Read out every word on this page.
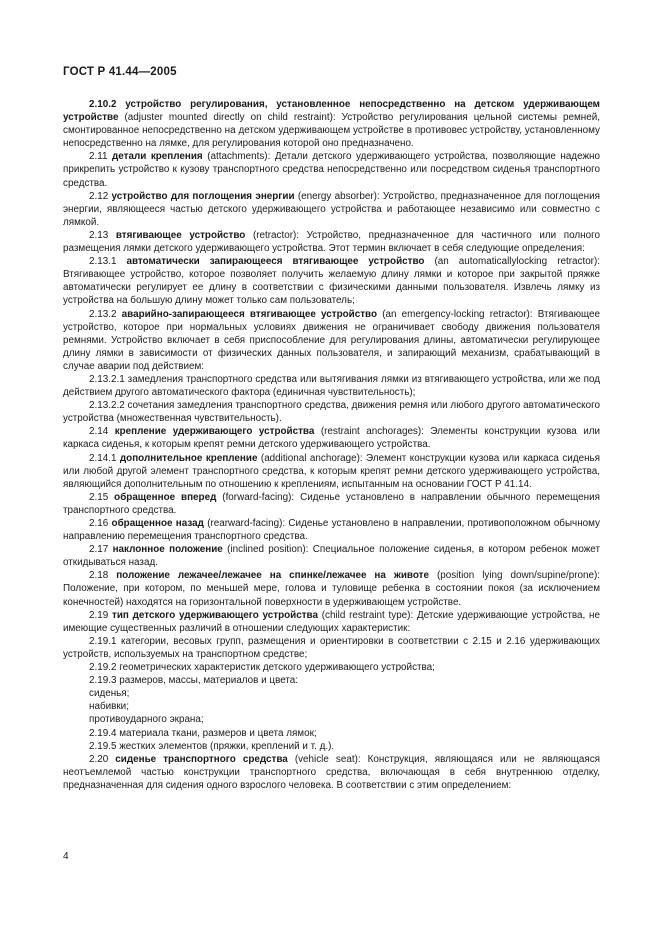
ГОСТ Р 41.44—2005
2.10.2 устройство регулирования, установленное непосредственно на детском удерживающем устройстве (adjuster mounted directly on child restraint): Устройство регулирования цельной системы ремней, смонтированное непосредственно на детском удерживающем устройстве в противовес устройству, установленному непосредственно на лямке, для регулирования которой оно предназначено.
2.11 детали крепления (attachments): Детали детского удерживающего устройства, позволяющие надежно прикрепить устройство к кузову транспортного средства непосредственно или посредством сиденья транспортного средства.
2.12 устройство для поглощения энергии (energy absorber): Устройство, предназначенное для поглощения энергии, являющееся частью детского удерживающего устройства и работающее независимо или совместно с лямкой.
2.13 втягивающее устройство (retractor): Устройство, предназначенное для частичного или полного размещения лямки детского удерживающего устройства. Этот термин включает в себя следующие определения:
2.13.1 автоматически запирающееся втягивающее устройство (an automaticallylocking retractor): Втягивающее устройство, которое позволяет получить желаемую длину лямки и которое при закрытой пряжке автоматически регулирует ее длину в соответствии с физическими данными пользователя. Извлечь лямку из устройства на большую длину может только сам пользователь;
2.13.2 аварийно-запирающееся втягивающее устройство (an emergency-locking retractor): Втягивающее устройство, которое при нормальных условиях движения не ограничивает свободу движения пользователя ремнями. Устройство включает в себя приспособление для регулирования длины, автоматически регулирующее длину лямки в зависимости от физических данных пользователя, и запирающий механизм, срабатывающий в случае аварии под действием:
2.13.2.1 замедления транспортного средства или вытягивания лямки из втягивающего устройства, или же под действием другого автоматического фактора (единичная чувствительность);
2.13.2.2 сочетания замедления транспортного средства, движения ремня или любого другого автоматического устройства (множественная чувствительность).
2.14 крепление удерживающего устройства (restraint anchorages): Элементы конструкции кузова или каркаса сиденья, к которым крепят ремни детского удерживающего устройства.
2.14.1 дополнительное крепление (additional anchorage): Элемент конструкции кузова или каркаса сиденья или любой другой элемент транспортного средства, к которым крепят ремни детского удерживающего устройства, являющийся дополнительным по отношению к креплениям, испытанным на основании ГОСТ Р 41.14.
2.15 обращенное вперед (forward-facing): Сиденье установлено в направлении обычного перемещения транспортного средства.
2.16 обращенное назад (rearward-facing): Сиденье установлено в направлении, противоположном обычному направлению перемещения транспортного средства.
2.17 наклонное положение (inclined position): Специальное положение сиденья, в котором ребенок может откидываться назад.
2.18 положение лежачее/лежачее на спинке/лежачее на животе (position lying down/supine/prone): Положение, при котором, по меньшей мере, голова и туловище ребенка в состоянии покоя (за исключением конечностей) находятся на горизонтальной поверхности в удерживающем устройстве.
2.19 тип детского удерживающего устройства (child restraint type): Детские удерживающие устройства, не имеющие существенных различий в отношении следующих характеристик:
2.19.1 категории, весовых групп, размещения и ориентировки в соответствии с 2.15 и 2.16 удерживающих устройств, используемых на транспортном средстве;
2.19.2 геометрических характеристик детского удерживающего устройства;
2.19.3 размеров, массы, материалов и цвета:
сиденья;
набивки;
противоударного экрана;
2.19.4 материала ткани, размеров и цвета лямок;
2.19.5 жестких элементов (пряжки, креплений и т. д.).
2.20 сиденье транспортного средства (vehicle seat): Конструкция, являющаяся или не являющаяся неотъемлемой частью конструкции транспортного средства, включающая в себя внутреннюю отделку, предназначенная для сидения одного взрослого человека. В соответствии с этим определением:
4
